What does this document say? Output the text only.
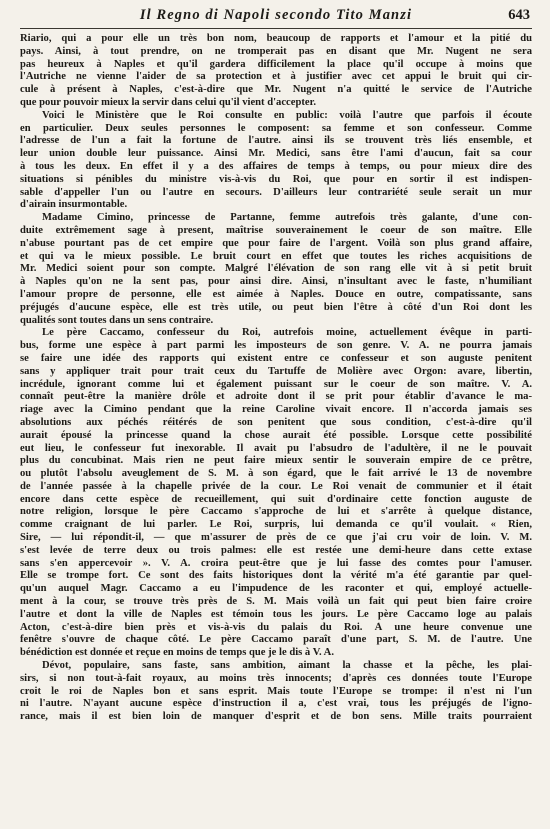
Il Regno di Napoli secondo Tito Manzi	643
Riario, qui a pour elle un très bon nom, beaucoup de rapports et l'amour et la pitié du
pays. Ainsi, à tout prendre, on ne tromperait pas en disant que Mr. Nugent ne sera
pas heureux à Naples et qu'il gardera difficilement la place qu'il occupe à moins que
l'Autriche ne vienne l'aider de sa protection et à justifier avec cet appui le bruit qui cir-
cule à présent à Naples, c'est-à-dire que Mr. Nugent n'a quitté le service de l'Autriche
que pour pouvoir mieux la servir dans celui qu'il vient d'accepter.
Voici le Ministère que le Roi consulte en public: voilà l'autre que parfois il écoute
en particulier. Deux seules personnes le composent: sa femme et son confesseur. Comme
l'adresse de l'un a fait la fortune de l'autre. ainsi ils se trouvent très liés ensemble, et
leur union double leur puissance. Ainsi Mr. Medici, sans être l'ami d'aucun, fait sa cour
à tous les deux. En effet il y a des affaires de temps à temps, ou pour mieux dire des
situations si pénibles du ministre vis-à-vis du Roi, que pour en sortir il est indispen-
sable d'appeller l'un ou l'autre en secours. D'ailleurs leur contrariété seule serait un mur
d'airain insurmontable.
Madame Cimino, princesse de Partanne, femme autrefois très galante, d'une con-
duite extrêmement sage à present, maîtrise souverainement le coeur de son maître. Elle
n'abuse pourtant pas de cet empire que pour faire de l'argent. Voilà son plus grand affaire,
et qui va le mieux possible. Le bruit court en effet que toutes les riches acquisitions de
Mr. Medici soient pour son compte. Malgré l'élévation de son rang elle vit à si petit bruit
à Naples qu'on ne la sent pas, pour ainsi dire. Ainsi, n'insultant avec le faste, n'humiliant
l'amour propre de personne, elle est aimée à Naples. Douce en outre, compatissante, sans
préjugés d'aucune espèce, elle est très utile, ou peut bien l'être à côté d'un Roi dont les
qualités sont toutes dans un sens contraire.
Le père Caccamo, confesseur du Roi, autrefois moine, actuellement évêque in parti-
bus, forme une espèce à part parmi les imposteurs de son genre. V. A. ne pourra jamais
se faire une idée des rapports qui existent entre ce confesseur et son auguste penitent
sans y appliquer trait pour trait ceux du Tartuffe de Molière avec Orgon: avare, libertin,
incrédule, ignorant comme lui et également puissant sur le coeur de son maître. V. A.
connaît peut-être la manière drôle et adroite dont il se prit pour établir d'avance le ma-
riage avec la Cimino pendant que la reine Caroline vivait encore. Il n'accorda jamais ses
absolutions aux péchés réitérés de son penitent que sous condition, c'est-à-dire qu'il
aurait épousé la princesse quand la chose aurait été possible. Lorsque cette possibilité
eut lieu, le confesseur fut inexorable. Il avait pu l'absudro de l'adultère, il ne le pouvait
plus du concubinat. Mais rien ne peut faire mieux sentir le souverain empire de ce prêtre,
ou plutôt l'absolu aveuglement de S. M. à son égard, que le fait arrivé le 13 de novembre
de l'année passée à la chapelle privée de la cour. Le Roi venait de communier et il était
encore dans cette espèce de recueillement, qui suit d'ordinaire cette fonction auguste de
notre religion, lorsque le père Caccamo s'approche de lui et s'arrête à quelque distance,
comme craignant de lui parler. Le Roi, surpris, lui demanda ce qu'il voulait. « Rien,
Sire, — lui répondit-il, — que m'assurer de près de ce que j'ai cru voir de loin. V. M.
s'est levée de terre deux ou trois palmes: elle est restée une demi-heure dans cette extase
sans s'en appercevoir ». V. A. croira peut-être que je lui fasse des comtes pour l'amuser.
Elle se trompe fort. Ce sont des faits historiques dont la vérité m'a été garantie par quel-
qu'un auquel Magr. Caccamo a eu l'impudence de les raconter et qui, employé actuelle-
ment à la cour, se trouve très près de S. M. Mais voilà un fait qui peut bien faire croire
l'autre et dont la ville de Naples est témoin tous les jours. Le père Caccamo loge au palais
Acton, c'est-à-dire bien près et vis-à-vis du palais du Roi. À une heure convenue une
fenêtre s'ouvre de chaque côté. Le père Caccamo paraît d'une part, S. M. de l'autre. Une
bénédiction est donnée et reçue en moins de temps que je le dis à V. A.
Dévot, populaire, sans faste, sans ambition, aimant la chasse et la pêche, les plai-
sirs, si non tout-à-fait royaux, au moins très innocents; d'après ces données toute l'Europe
croit le roi de Naples bon et sans esprit. Mais toute l'Europe se trompe: il n'est ni l'un
ni l'autre. N'ayant aucune espèce d'instruction il a, c'est vrai, tous les préjugés de l'igno-
rance, mais il est bien loin de manquer d'esprit et de bon sens. Mille traits pourraient
